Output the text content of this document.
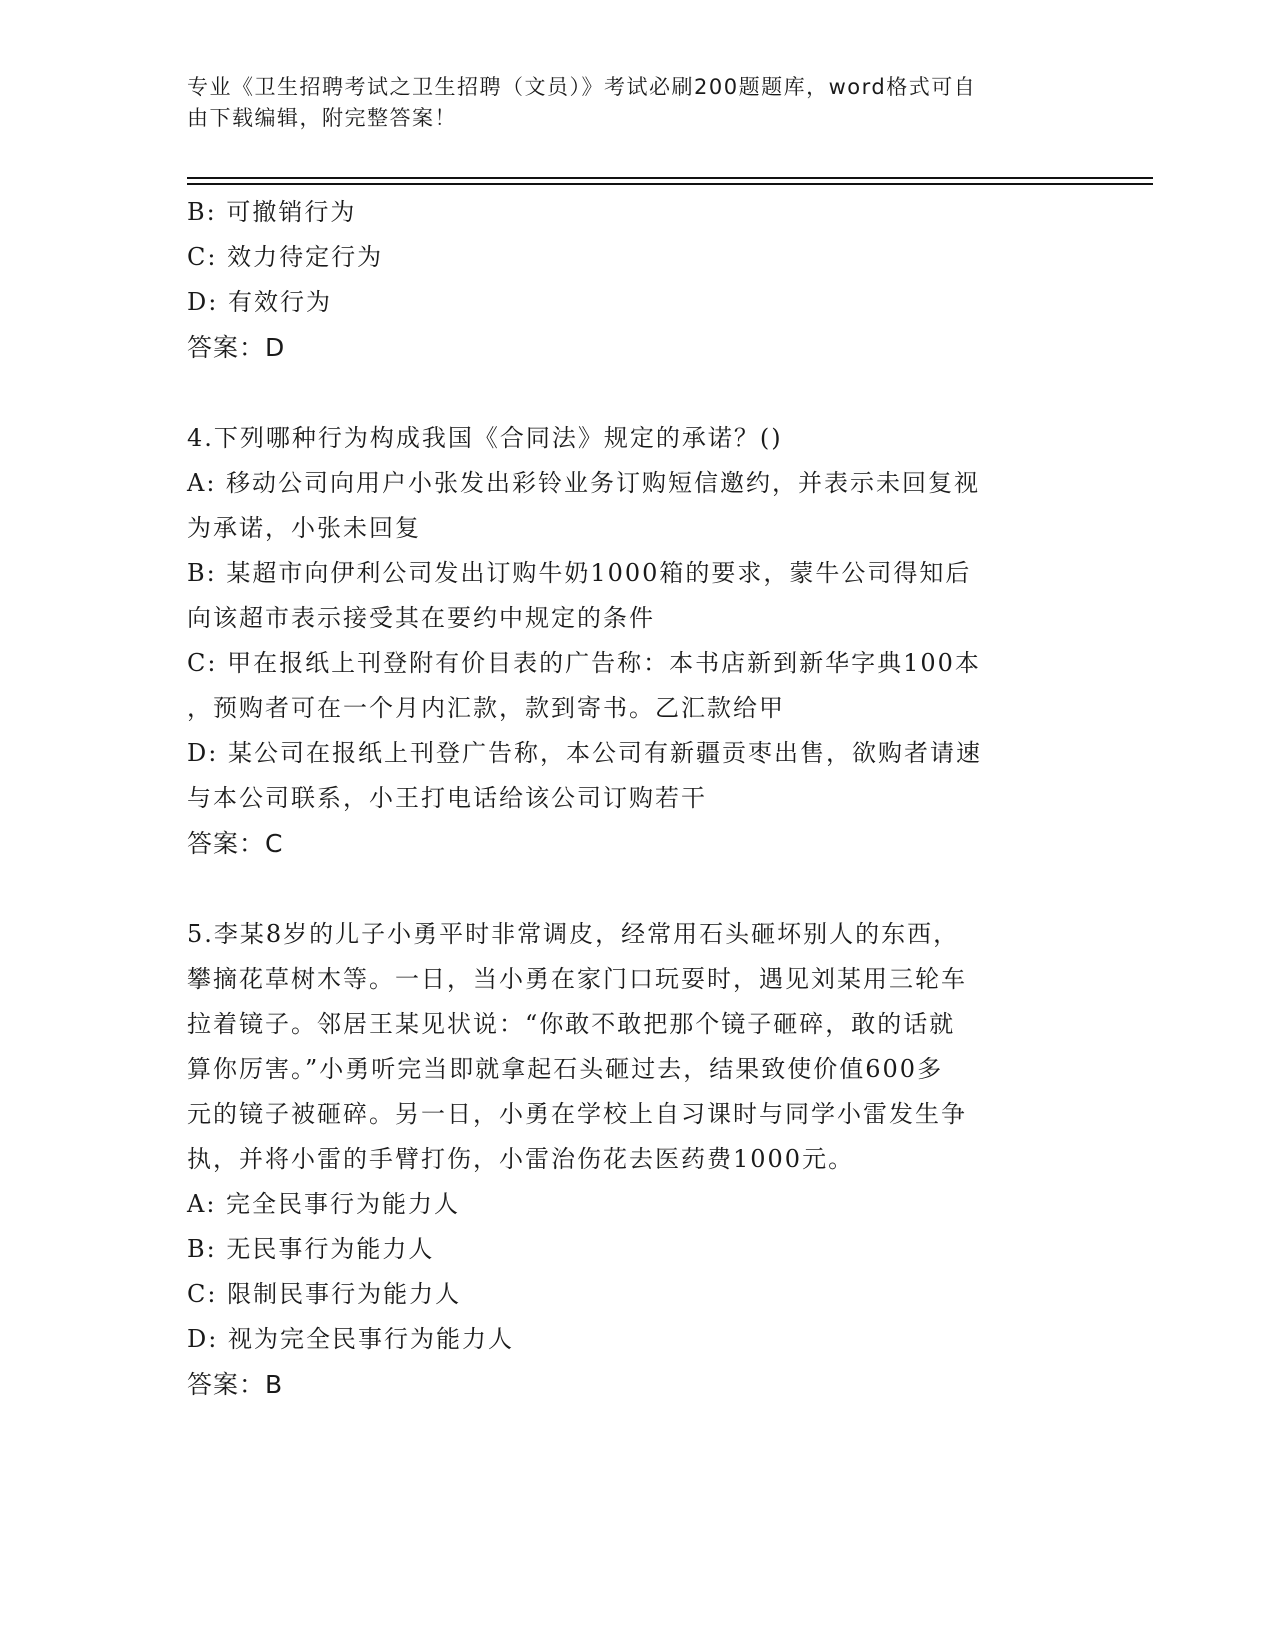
专业《卫生招聘考试之卫生招聘（文员）》考试必刷200题题库，word格式可自
由下载编辑，附完整答案！
B: 可撤销行为
C: 效力待定行为
D: 有效行为
答案：D
4.下列哪种行为构成我国《合同法》规定的承诺？()
A: 移动公司向用户小张发出彩铃业务订购短信邀约，并表示未回复视
为承诺，小张未回复
B: 某超市向伊利公司发出订购牛奶1000箱的要求，蒙牛公司得知后
向该超市表示接受其在要约中规定的条件
C: 甲在报纸上刊登附有价目表的广告称：本书店新到新华字典100本
，预购者可在一个月内汇款，款到寄书。乙汇款给甲
D: 某公司在报纸上刊登广告称，本公司有新疆贡枣出售，欲购者请速
与本公司联系，小王打电话给该公司订购若干
答案：C
5.李某8岁的儿子小勇平时非常调皮，经常用石头砸坏别人的东西，
攀摘花草树木等。一日，当小勇在家门口玩耍时，遇见刘某用三轮车
拉着镜子。邻居王某见状说：“你敢不敢把那个镜子砸碎，敢的话就
算你厉害。”小勇听完当即就拿起石头砸过去，结果致使价值600多
元的镜子被砸碎。另一日，小勇在学校上自习课时与同学小雷发生争
执，并将小雷的手臂打伤，小雷治伤花去医药费1000元。
A: 完全民事行为能力人
B: 无民事行为能力人
C: 限制民事行为能力人
D: 视为完全民事行为能力人
答案：B
